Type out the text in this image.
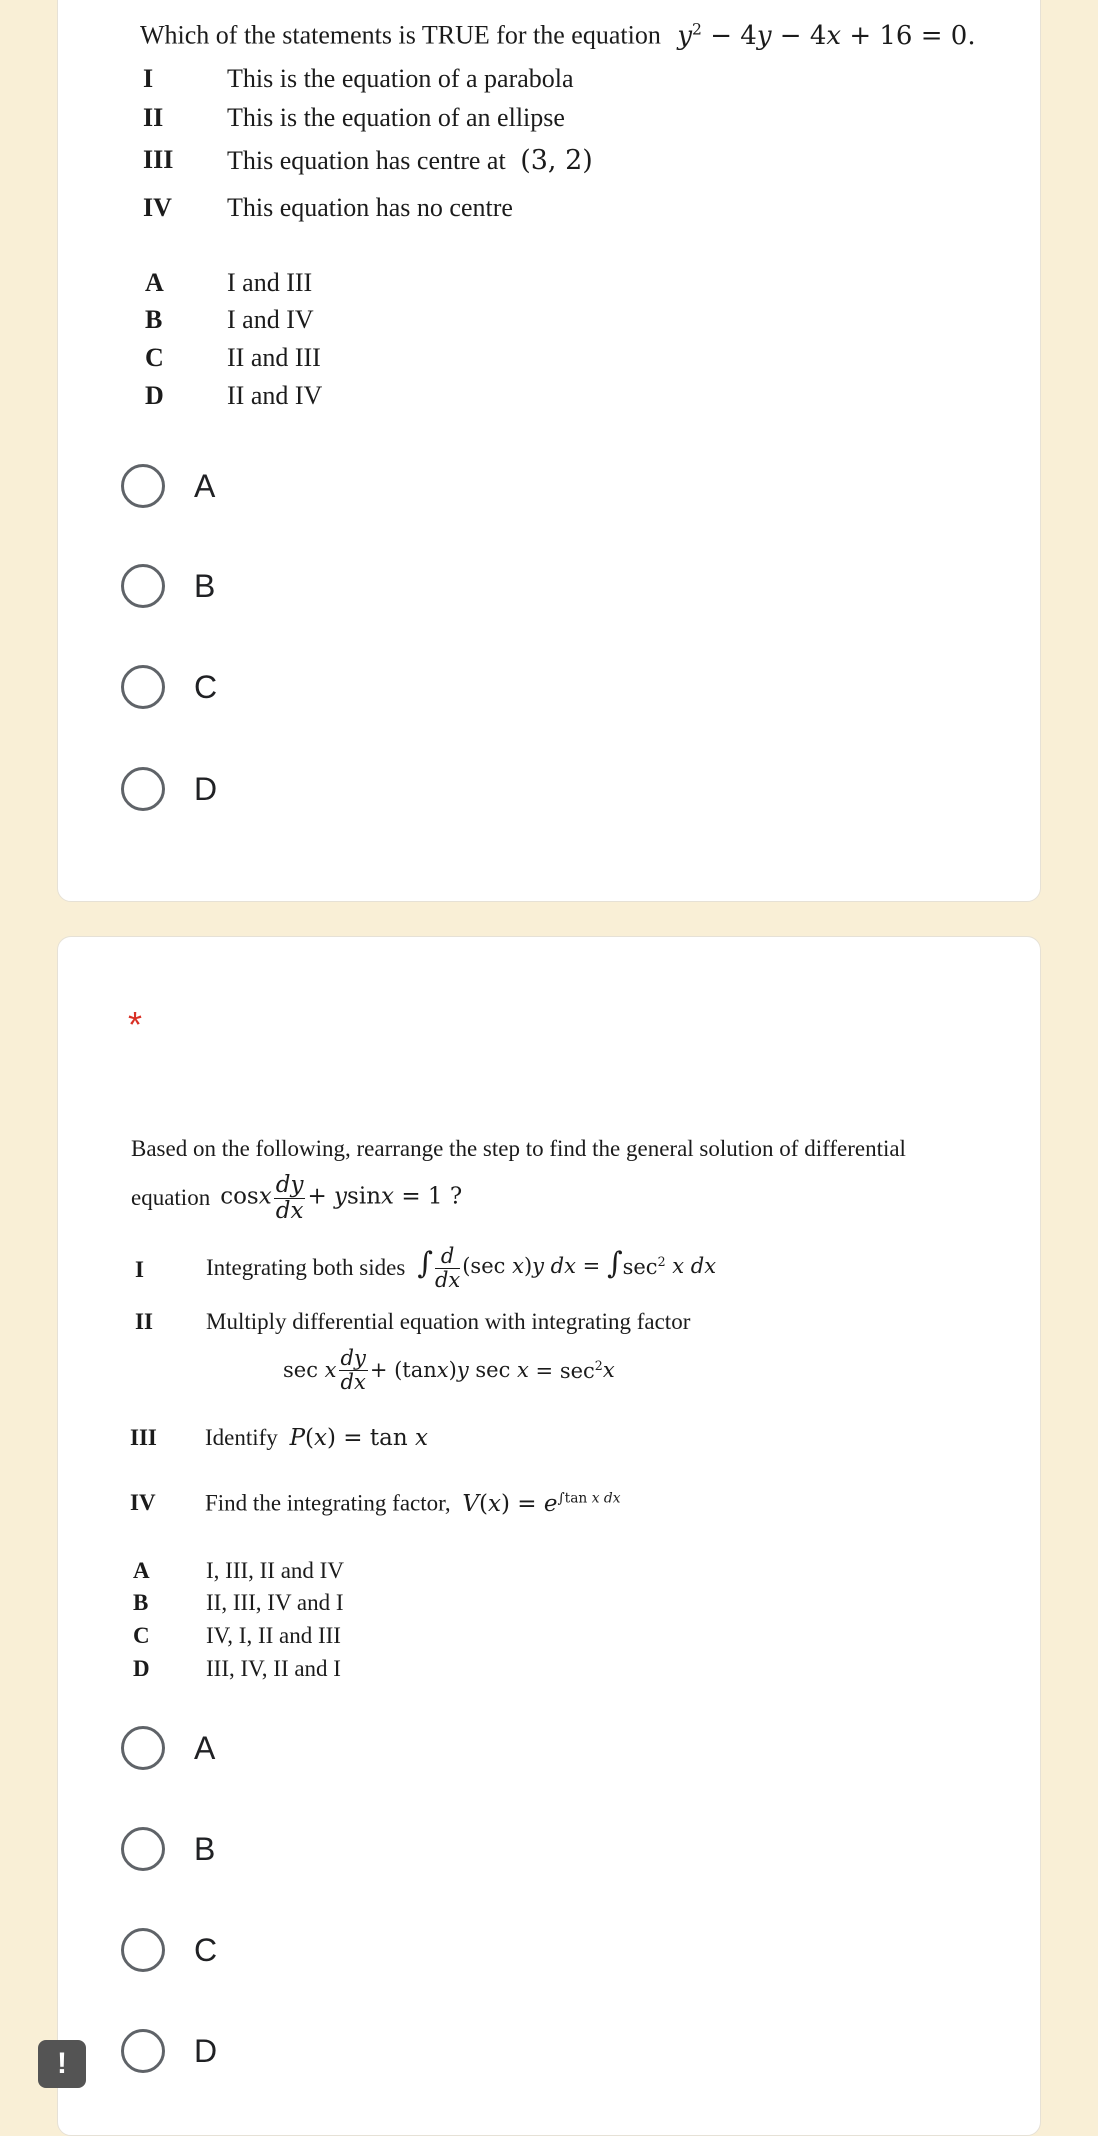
Which of the statements is TRUE for the equation $y^2 - 4y - 4x + 16 = 0$.
I	This is the equation of a parabola
II This is the equation of an ellipse
III This equation has centre at (3, 2)
IV This equation has no centre
A I and III
B I and IV
C II and III
D II and IV
A
B
C
D
*
Based on the following, rearrange the step to find the general solution of differential
equation cosx $\frac{dy}{dx} + ysinx = 1$ ?
I	Integrating both sides ∫ $\frac{d}{dx} (\sec$ x)y dx = $\int\sec^2$ x dx
II Multiply differential equation with integrating factor
sec x $\frac{dy}{dx} + (\tan$ x ) y $\sec x = \sec^2 x$
III Identify P(x) = tan x
IV Find the integrating factor, $V(x) = e^{\int tan x dx}$
A I, III, II and IV
B	II, III, IV and I
C IV, I, II and III
D III, IV, II and I
A
B
C
D
!
